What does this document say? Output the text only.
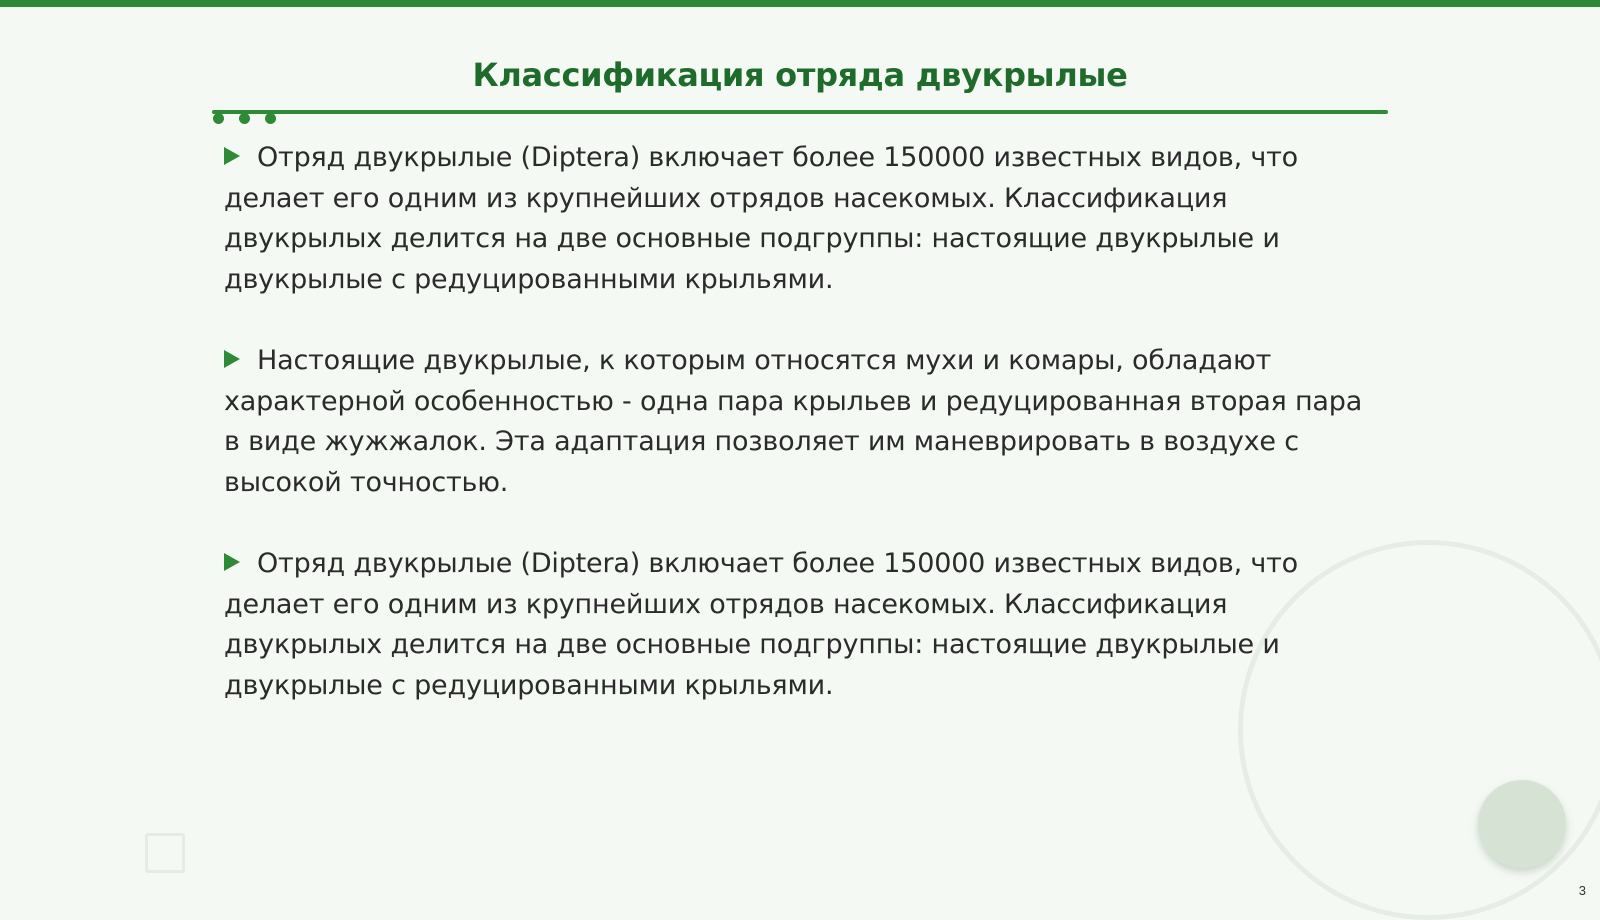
Классификация отряда двукрылые

Отряд двукрылые (Diptera) включает более 150000 известных видов, что делает его одним из крупнейших отрядов насекомых. Классификация двукрылых делится на две основные подгруппы: настоящие двукрылые и двукрылые с редуцированными крыльями.

Настоящие двукрылые, к которым относятся мухи и комары, обладают характерной особенностью - одна пара крыльев и редуцированная вторая пара в виде жужжалок. Эта адаптация позволяет им маневрировать в воздухе с высокой точностью.

Отряд двукрылые (Diptera) включает более 150000 известных видов, что делает его одним из крупнейших отрядов насекомых. Классификация двукрылых делится на две основные подгруппы: настоящие двукрылые и двукрылые с редуцированными крыльями.

3
